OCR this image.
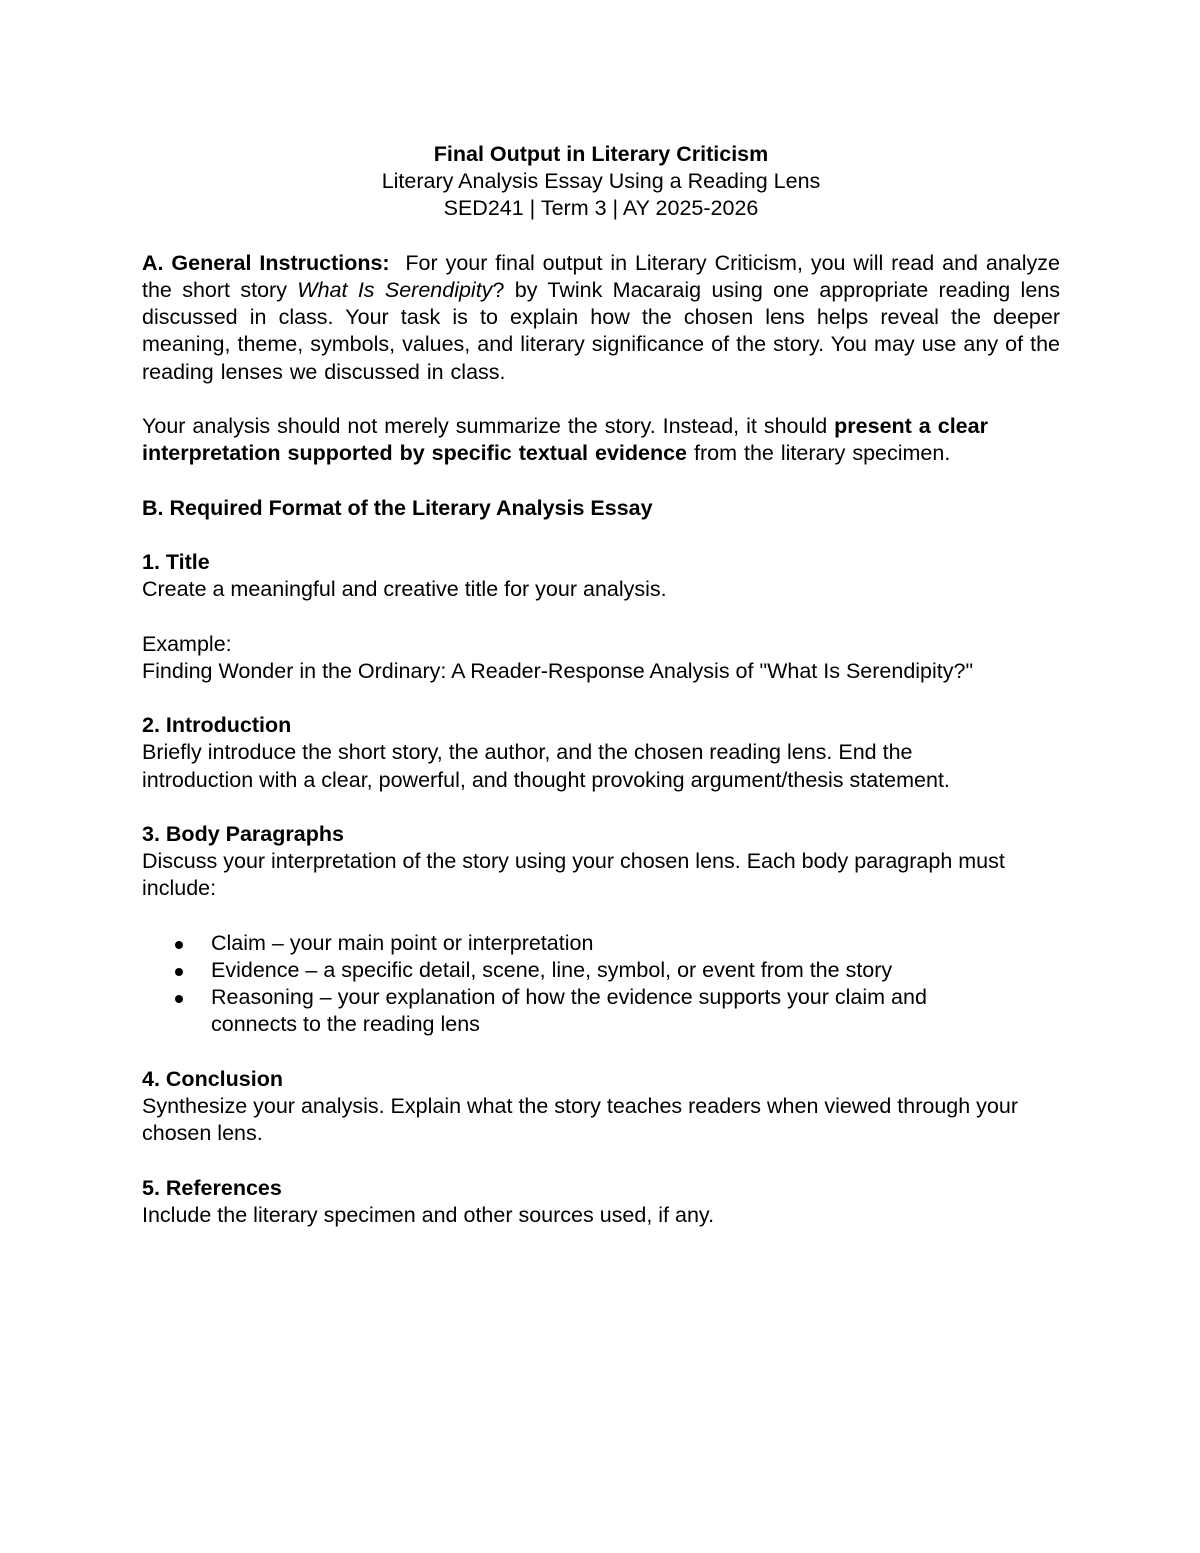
Final Output in Literary Criticism
Literary Analysis Essay Using a Reading Lens
SED241 | Term 3 | AY 2025-2026

A. General Instructions:  For your final output in Literary Criticism, you will read and analyze the short story What Is Serendipity? by Twink Macaraig using one appropriate reading lens discussed in class. Your task is to explain how the chosen lens helps reveal the deeper meaning, theme, symbols, values, and literary significance of the story. You may use any of the reading lenses we discussed in class.

Your analysis should not merely summarize the story. Instead, it should present a clear interpretation supported by specific textual evidence from the literary specimen.

B. Required Format of the Literary Analysis Essay
1. Title
Create a meaningful and creative title for your analysis.
Example:
Finding Wonder in the Ordinary: A Reader-Response Analysis of "What Is Serendipity?"
2. Introduction
Briefly introduce the short story, the author, and the chosen reading lens. End the introduction with a clear, powerful, and thought provoking argument/thesis statement.
3. Body Paragraphs
Discuss your interpretation of the story using your chosen lens. Each body paragraph must include:
Claim – your main point or interpretation
Evidence – a specific detail, scene, line, symbol, or event from the story
Reasoning – your explanation of how the evidence supports your claim and connects to the reading lens
4. Conclusion
Synthesize your analysis. Explain what the story teaches readers when viewed through your chosen lens.
5. References
Include the literary specimen and other sources used, if any.
